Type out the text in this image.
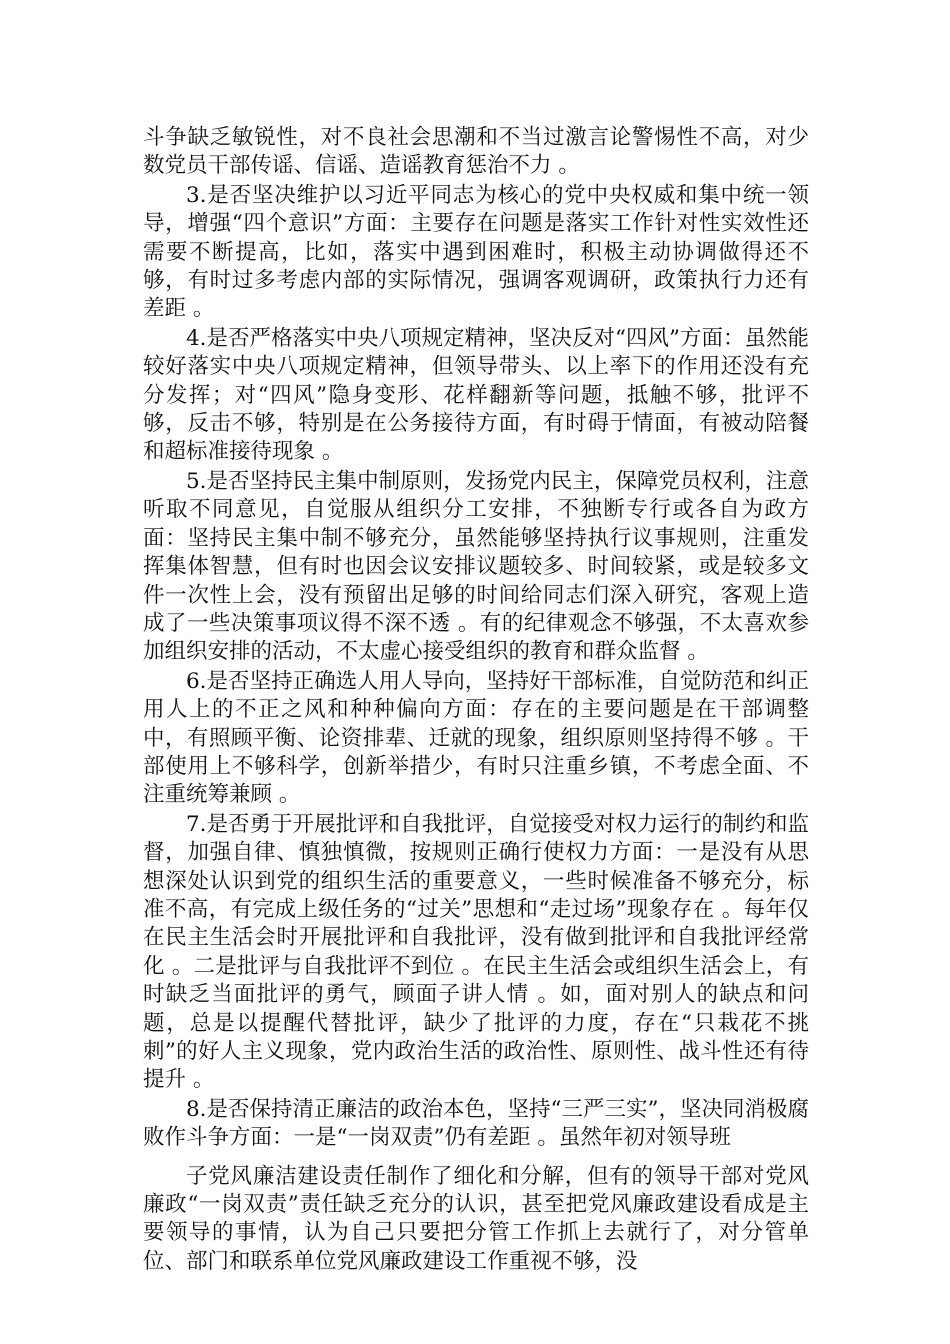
斗争缺乏敏锐性，对不良社会思潮和不当过激言论警惕性不高，对少数党员干部传谣、信谣、造谣教育惩治不力 。

3.是否坚决维护以习近平同志为核心的党中央权威和集中统一领导，增强“四个意识”方面：主要存在问题是落实工作针对性实效性还需要不断提高，比如，落实中遇到困难时，积极主动协调做得还不够，有时过多考虑内部的实际情况，强调客观调研，政策执行力还有差距 。

4.是否严格落实中央八项规定精神，坚决反对“四风”方面：虽然能较好落实中央八项规定精神，但领导带头、以上率下的作用还没有充分发挥；对“四风”隐身变形、花样翻新等问题，抵触不够，批评不够，反击不够，特别是在公务接待方面，有时碍于情面，有被动陪餐和超标准接待现象 。

5.是否坚持民主集中制原则，发扬党内民主，保障党员权利，注意听取不同意见，自觉服从组织分工安排，不独断专行或各自为政方面：坚持民主集中制不够充分，虽然能够坚持执行议事规则，注重发挥集体智慧，但有时也因会议安排议题较多、时间较紧，或是较多文件一次性上会，没有预留出足够的时间给同志们深入研究，客观上造成了一些决策事项议得不深不透 。有的纪律观念不够强，不太喜欢参加组织安排的活动，不太虚心接受组织的教育和群众监督 。

6.是否坚持正确选人用人导向，坚持好干部标准，自觉防范和纠正用人上的不正之风和种种偏向方面：存在的主要问题是在干部调整中，有照顾平衡、论资排辈、迁就的现象，组织原则坚持得不够 。干部使用上不够科学，创新举措少，有时只注重乡镇，不考虑全面、不注重统筹兼顾 。

7.是否勇于开展批评和自我批评，自觉接受对权力运行的制约和监督，加强自律、慎独慎微，按规则正确行使权力方面：一是没有从思想深处认识到党的组织生活的重要意义，一些时候准备不够充分，标准不高，有完成上级任务的“过关”思想和“走过场”现象存在 。每年仅在民主生活会时开展批评和自我批评，没有做到批评和自我批评经常化 。二是批评与自我批评不到位 。在民主生活会或组织生活会上，有时缺乏当面批评的勇气，顾面子讲人情 。如，面对别人的缺点和问题，总是以提醒代替批评，缺少了批评的力度，存在“只栽花不挑刺”的好人主义现象，党内政治生活的政治性、原则性、战斗性还有待提升 。

8.是否保持清正廉洁的政治本色，坚持“三严三实”，坚决同消极腐败作斗争方面：一是“一岗双责”仍有差距 。虽然年初对领导班

子党风廉洁建设责任制作了细化和分解，但有的领导干部对党风廉政“一岗双责”责任缺乏充分的认识，甚至把党风廉政建设看成是主要领导的事情，认为自己只要把分管工作抓上去就行了，对分管单位、部门和联系单位党风廉政建设工作重视不够，没
